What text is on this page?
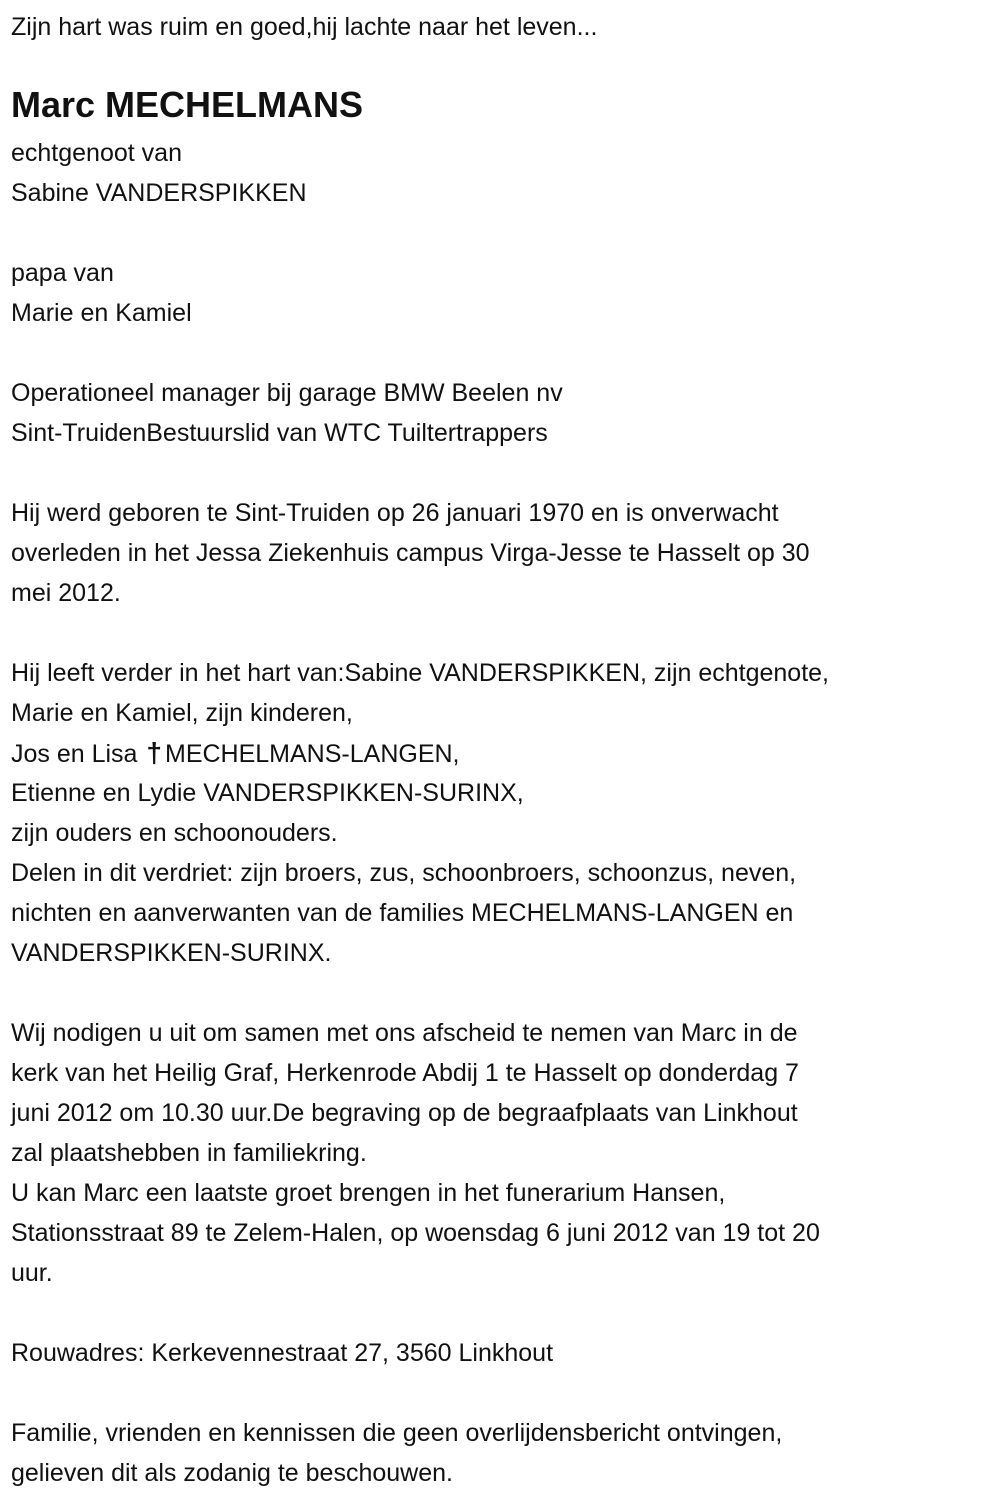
Zijn hart was ruim en goed,hij lachte naar het leven...
Marc MECHELMANS
echtgenoot van
Sabine VANDERSPIKKEN
papa van
Marie en Kamiel
Operationeel manager bij garage BMW Beelen nv
Sint-TruidenBestuurslid van WTC Tuiltertrappers
Hij werd geboren te Sint-Truiden op 26 januari 1970 en is onverwacht
overleden in het Jessa Ziekenhuis campus Virga-Jesse te Hasselt op 30
mei 2012.
Hij leeft verder in het hart van:Sabine VANDERSPIKKEN, zijn echtgenote,
Marie en Kamiel, zijn kinderen,
Jos en Lisa † MECHELMANS-LANGEN,
Etienne en Lydie VANDERSPIKKEN-SURINX,
zijn ouders en schoonouders.
Delen in dit verdriet: zijn broers, zus, schoonbroers, schoonzus, neven,
nichten en aanverwanten van de families MECHELMANS-LANGEN en
VANDERSPIKKEN-SURINX.
Wij nodigen u uit om samen met ons afscheid te nemen van Marc in de
kerk van het Heilig Graf, Herkenrode Abdij 1 te Hasselt op donderdag 7
juni 2012 om 10.30 uur.De begraving op de begraafplaats van Linkhout
zal plaatshebben in familiekring.
U kan Marc een laatste groet brengen in het funerarium Hansen,
Stationsstraat 89 te Zelem-Halen, op woensdag 6 juni 2012 van 19 tot 20
uur.
Rouwadres: Kerkevennestraat 27, 3560 Linkhout
Familie, vrienden en kennissen die geen overlijdensbericht ontvingen,
gelieven dit als zodanig te beschouwen.
